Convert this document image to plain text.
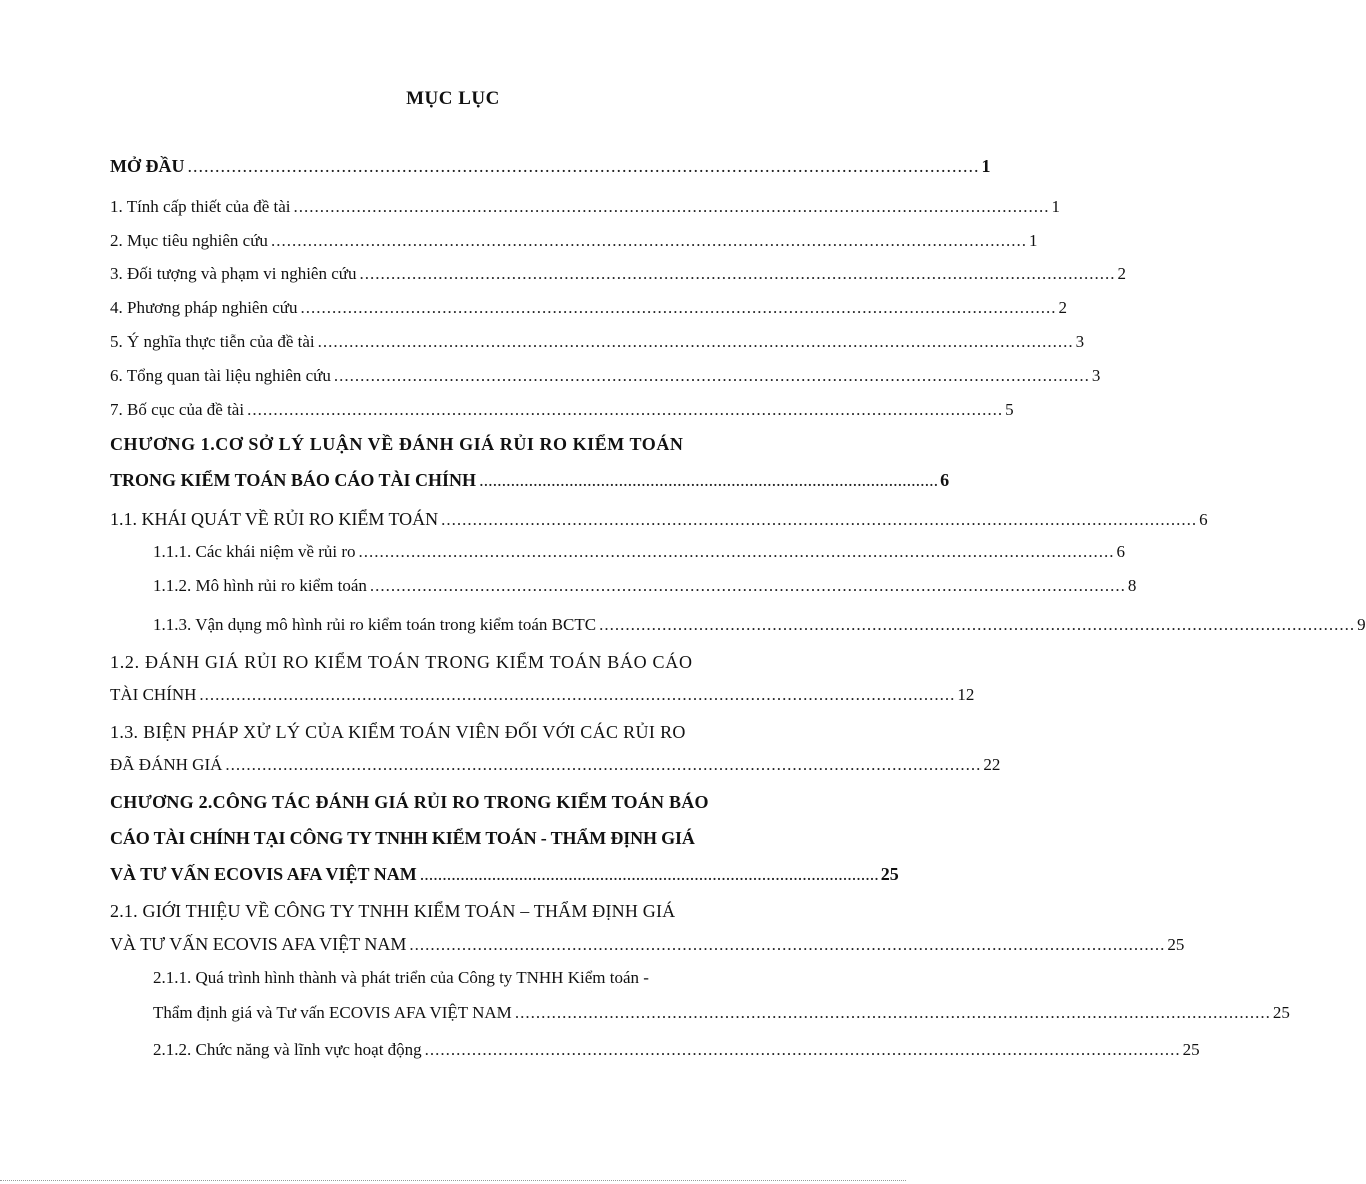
MỤC LỤC
MỞ ĐẦU ................................................................................................................................................ 1
1. Tính cấp thiết của đề tài ................................................................................................................................................ 1
2. Mục tiêu nghiên cứu ................................................................................................................................................ 1
3. Đối tượng và phạm vi nghiên cứu ................................................................................................................................................ 2
4. Phương pháp nghiên cứu ................................................................................................................................................ 2
5. Ý nghĩa thực tiễn của đề tài ................................................................................................................................................ 3
6. Tổng quan tài liệu nghiên cứu ................................................................................................................................................ 3
7. Bố cục của đề tài ................................................................................................................................................ 5
CHƯƠNG 1.CƠ SỞ LÝ LUẬN VỀ ĐÁNH GIÁ RỦI RO KIỂM TOÁN
TRONG KIỂM TOÁN BÁO CÁO TÀI CHÍNH ...................................................................................................... 6
1.1. KHÁI QUÁT VỀ RỦI RO KIỂM TOÁN ................................................................................................................................................ 6
1.1.1. Các khái niệm về rủi ro ................................................................................................................................................ 6
1.1.2. Mô hình rủi ro kiểm toán ................................................................................................................................................ 8
1.1.3. Vận dụng mô hình rủi ro kiểm toán trong kiểm toán BCTC ................................................................................................................................................ 9
1.2. ĐÁNH GIÁ RỦI RO KIỂM TOÁN TRONG KIỂM TOÁN BÁO CÁO
TÀI CHÍNH ................................................................................................................................................ 12
1.3. BIỆN PHÁP XỬ LÝ CỦA KIỂM TOÁN VIÊN ĐỐI VỚI CÁC RỦI RO
ĐÃ ĐÁNH GIÁ ................................................................................................................................................ 22
CHƯƠNG 2.CÔNG TÁC ĐÁNH GIÁ RỦI RO TRONG KIỂM TOÁN BÁO
CÁO TÀI CHÍNH TẠI CÔNG TY TNHH KIỂM TOÁN - THẨM ĐỊNH GIÁ
VÀ TƯ VẤN ECOVIS AFA VIỆT NAM ...................................................................................................... 25
2.1. GIỚI THIỆU VỀ CÔNG TY TNHH KIỂM TOÁN – THẨM ĐỊNH GIÁ
VÀ TƯ VẤN ECOVIS AFA VIỆT NAM ................................................................................................................................................ 25
2.1.1. Quá trình hình thành và phát triển của Công ty TNHH Kiểm toán -
Thẩm định giá và Tư vấn ECOVIS AFA VIỆT NAM ................................................................................................................................................ 25
2.1.2. Chức năng và lĩnh vực hoạt động ................................................................................................................................................ 25
